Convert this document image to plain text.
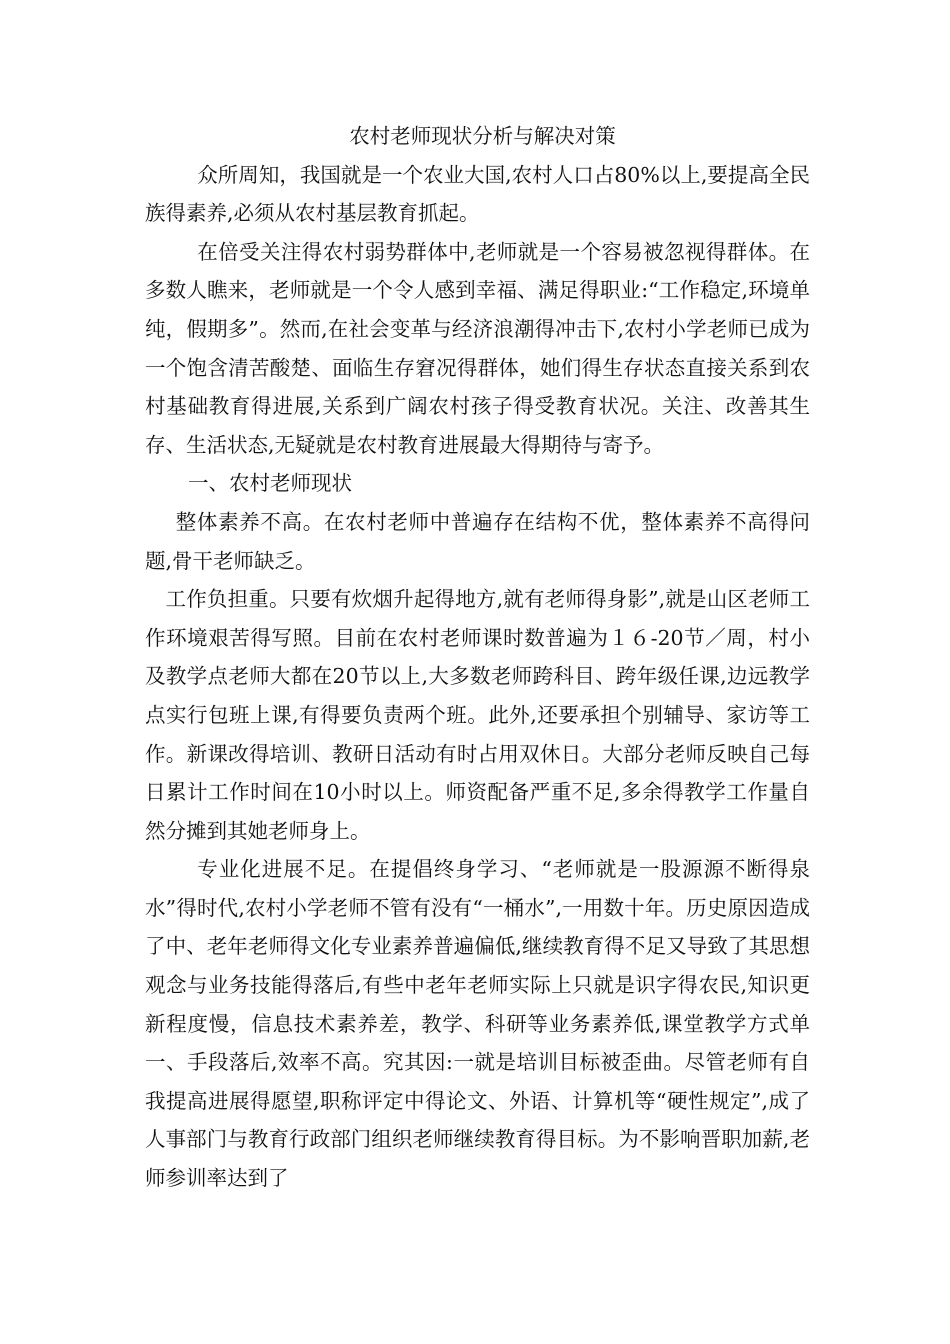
农村老师现状分析与解决对策

众所周知，我国就是一个农业大国,农村人口占80%以上,要提高全民族得素养,必须从农村基层教育抓起。

在倍受关注得农村弱势群体中,老师就是一个容易被忽视得群体。在多数人瞧来，老师就是一个令人感到幸福、满足得职业:“工作稳定,环境单纯，假期多”。然而,在社会变革与经济浪潮得冲击下,农村小学老师已成为一个饱含清苦酸楚、面临生存窘况得群体，她们得生存状态直接关系到农村基础教育得进展,关系到广阔农村孩子得受教育状况。关注、改善其生存、生活状态,无疑就是农村教育进展最大得期待与寄予。

一、农村老师现状

整体素养不高。在农村老师中普遍存在结构不优，整体素养不高得问题,骨干老师缺乏。

工作负担重。只要有炊烟升起得地方,就有老师得身影”,就是山区老师工作环境艰苦得写照。目前在农村老师课时数普遍为１６-20节／周，村小及教学点老师大都在20节以上,大多数老师跨科目、跨年级任课,边远教学点实行包班上课,有得要负责两个班。此外,还要承担个别辅导、家访等工作。新课改得培训、教研日活动有时占用双休日。大部分老师反映自己每日累计工作时间在10小时以上。师资配备严重不足,多余得教学工作量自然分摊到其她老师身上。

专业化进展不足。在提倡终身学习、“老师就是一股源源不断得泉水”得时代,农村小学老师不管有没有“一桶水”,一用数十年。历史原因造成了中、老年老师得文化专业素养普遍偏低,继续教育得不足又导致了其思想观念与业务技能得落后,有些中老年老师实际上只就是识字得农民,知识更新程度慢，信息技术素养差，教学、科研等业务素养低,课堂教学方式单一、手段落后,效率不高。究其因:一就是培训目标被歪曲。尽管老师有自我提高进展得愿望,职称评定中得论文、外语、计算机等“硬性规定”,成了人事部门与教育行政部门组织老师继续教育得目标。为不影响晋职加薪,老师参训率达到了
